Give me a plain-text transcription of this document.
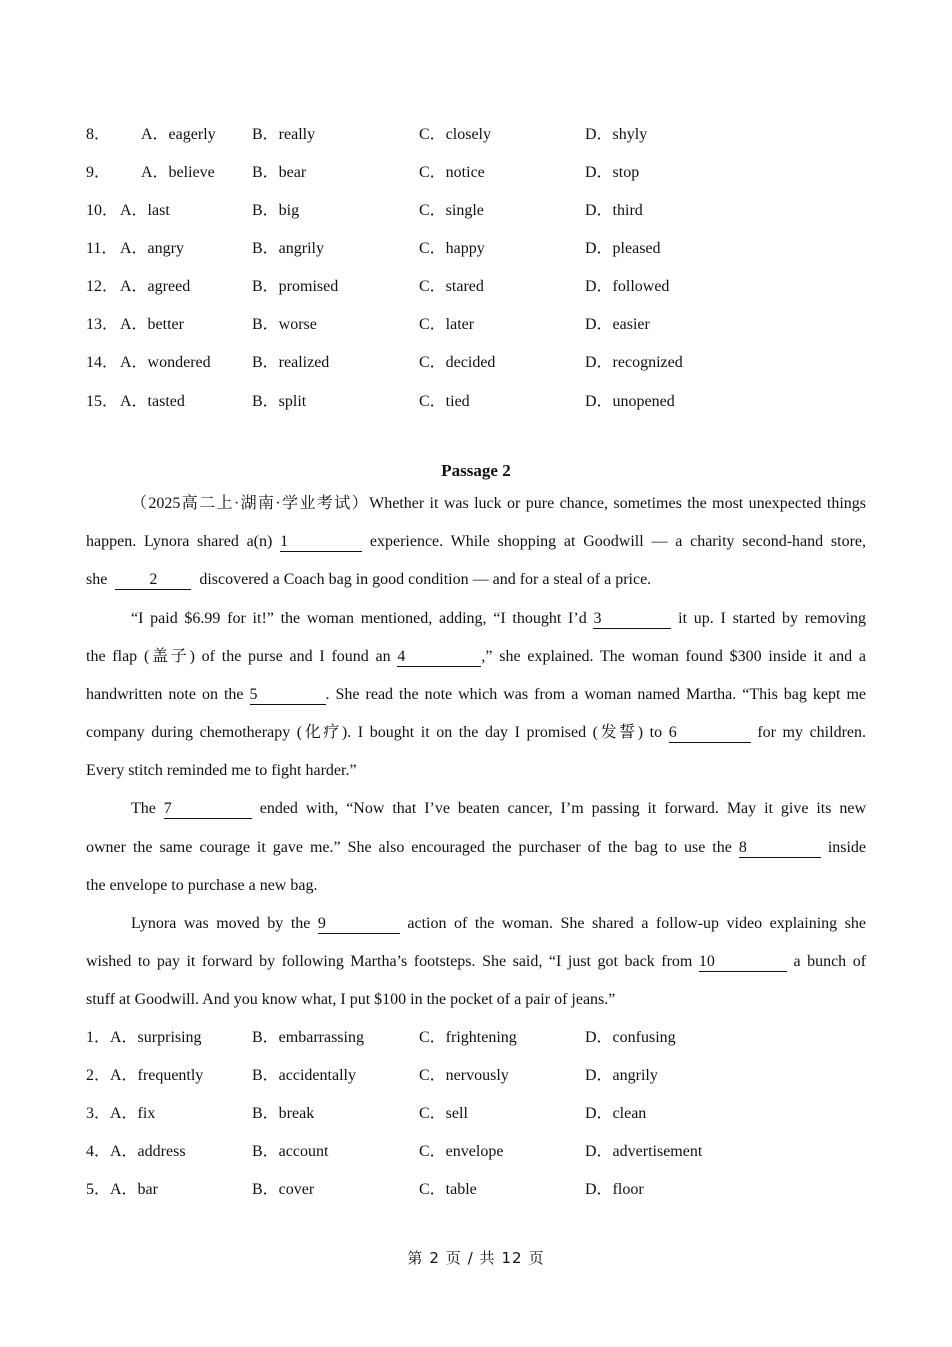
8． A．eagerly B．really	C．closely	D．shyly
9． A．believe B．bear	C．notice	D．stop
10． A．last	B．big	C．single	D．third
11． A．angry	B．angrily	C．happy	D．pleased
12． A．agreed	B．promised	C．stared	D．followed
13． A．better	B．worse	C．later	D．easier
14． A．wondered	B．realized	C．decided	D．recognized
15． A．tasted	B．split	C．tied	D．unopened
Passage 2
（2025高二上·湖南·学业考试）Whether it was luck or pure chance, sometimes the most unexpected things
happen. Lynora shared a(n) 1	experience. While shopping at Goodwill — a charity second-hand store,
she	2	discovered a Coach bag in good condition — and for a steal of a price.
“I paid $6.99 for it!” the woman mentioned, adding, “I thought I’d 3	it up. I started by removing
the flap (盖子) of the purse and I found an 4	,” she explained. The woman found $300 inside it and a
handwritten note on the 5	. She read the note which was from a woman named Martha. “This bag kept me
company during chemotherapy (化疗). I bought it on the day I promised (发誓) to 6	for my children.
Every stitch reminded me to fight harder.”
The 7	ended with, “Now that I’ve beaten cancer, I’m passing it forward. May it give its new
owner the same courage it gave me.” She also encouraged the purchaser of the bag to use the 8	inside
the envelope to purchase a new bag.
Lynora was moved by the 9	action of the woman. She shared a follow-up video explaining she
wished to pay it forward by following Martha’s footsteps. She said, “I just got back from 10	a bunch of
stuff at Goodwill. And you know what, I put $100 in the pocket of a pair of jeans.”
1． A．surprising	B．embarrassing	C．frightening	D．confusing
2． A．frequently	B．accidentally	C．nervously	D．angrily
3． A．fix	B．break	C．sell	D．clean
4． A．address	B．account	C．envelope	D．advertisement
5． A．bar	B．cover	C．table	D．floor
第 2 页 / 共 12 页
